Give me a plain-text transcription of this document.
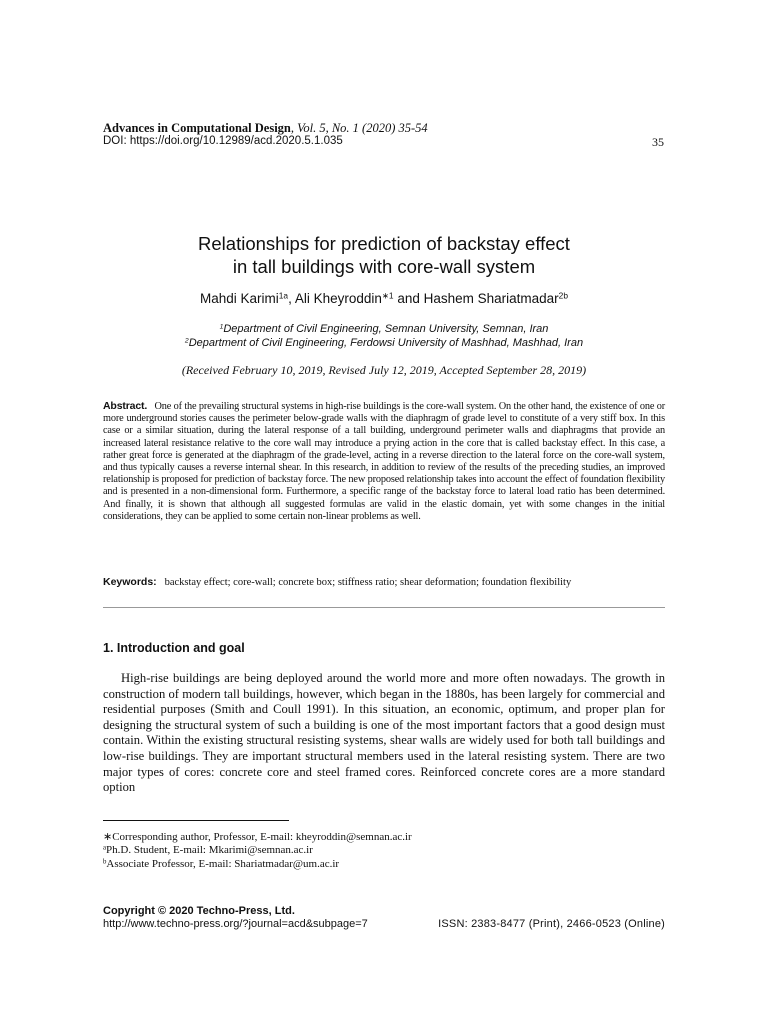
Advances in Computational Design, Vol. 5, No. 1 (2020) 35-54
DOI: https://doi.org/10.12989/acd.2020.5.1.035	35
Relationships for prediction of backstay effect
in tall buildings with core-wall system
Mahdi Karimi$^{1a}$, Ali Kheyroddin$^{∗1}$ and Hashem Shariatmadar$^{2b}$
$^1$Department of Civil Engineering, Semnan University, Semnan, Iran
$^2$Department of Civil Engineering, Ferdowsi University of Mashhad, Mashhad, Iran
(Received February 10, 2019, Revised July 12, 2019, Accepted September 28, 2019)
Abstract. One of the prevailing structural systems in high-rise buildings is the core-wall system. On the other hand, the existence of one or more underground stories causes the perimeter below-grade walls with the diaphragm of grade level to constitute of a very stiff box. In this case or a similar situation, during the lateral response of a tall building, underground perimeter walls and diaphragms that provide an increased lateral resistance relative to the core wall may introduce a prying action in the core that is called backstay effect. In this case, a rather great force is generated at the diaphragm of the grade-level, acting in a reverse direction to the lateral force on the core-wall system, and thus typically causes a reverse internal shear. In this research, in addition to review of the results of the preceding studies, an improved relationship is proposed for prediction of backstay force. The new proposed relationship takes into account the effect of foundation flexibility and is presented in a non-dimensional form. Furthermore, a specific range of the backstay force to lateral load ratio has been determined. And finally, it is shown that although all suggested formulas are valid in the elastic domain, yet with some changes in the initial considerations, they can be applied to some certain non-linear problems as well.
Keywords: backstay effect; core-wall; concrete box; stiffness ratio; shear deformation; foundation flexibility
1. Introduction and goal
High-rise buildings are being deployed around the world more and more often nowadays. The growth in construction of modern tall buildings, however, which began in the 1880s, has been largely for commercial and residential purposes (Smith and Coull 1991). In this situation, an economic, optimum, and proper plan for designing the structural system of such a building is one of the most important factors that a good design must contain. Within the existing structural resisting systems, shear walls are widely used for both tall buildings and low-rise buildings. They are important structural members used in the lateral resisting system. There are two major types of cores: concrete core and steel framed cores. Reinforced concrete cores are a more standard option
∗Corresponding author, Professor, E-mail: kheyroddin@semnan.ac.ir
$^a$Ph.D. Student, E-mail: Mkarimi@semnan.ac.ir
$^b$Associate Professor, E-mail: Shariatmadar@um.ac.ir
Copyright © 2020 Techno-Press, Ltd.
http://www.techno-press.org/?journal=acd&subpage=7	ISSN: 2383-8477 (Print), 2466-0523 (Online)
